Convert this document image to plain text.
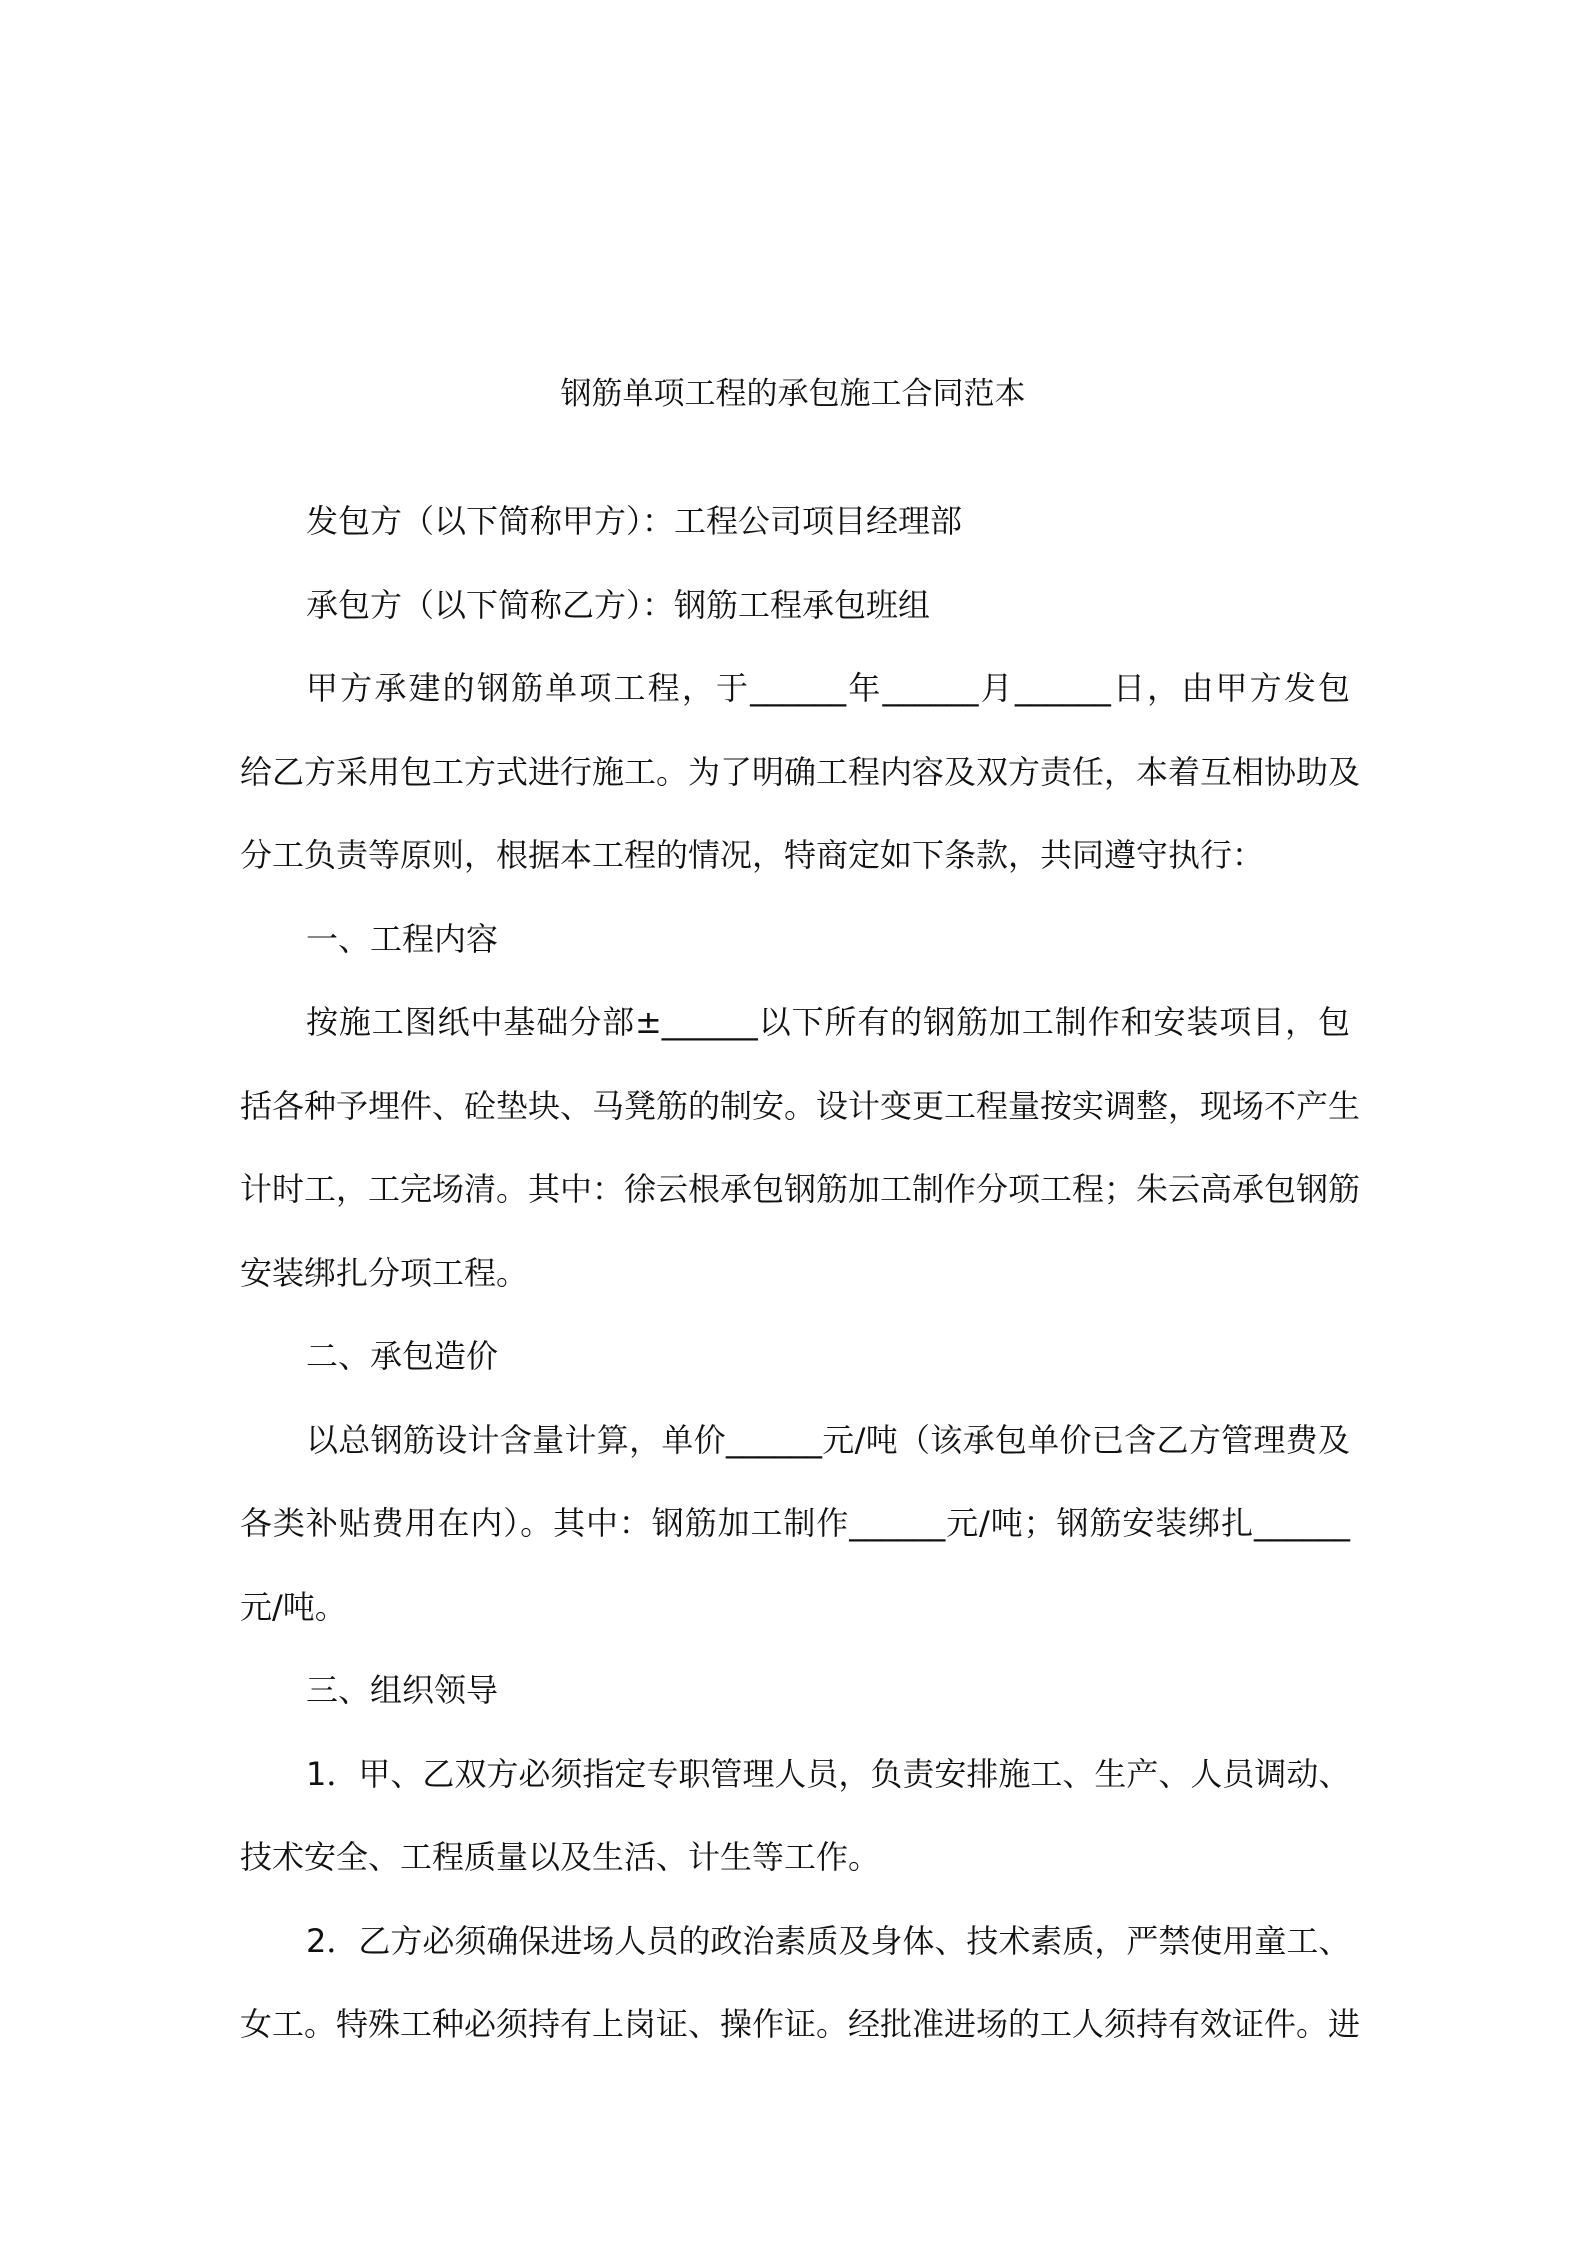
钢筋单项工程的承包施工合同范本
发包方（以下简称甲方）：工程公司项目经理部
承包方（以下简称乙方）：钢筋工程承包班组
甲方承建的钢筋单项工程，于______年______月______日，由甲方发包
给乙方采用包工方式进行施工。为了明确工程内容及双方责任，本着互相协助及
分工负责等原则，根据本工程的情况，特商定如下条款，共同遵守执行：
一、工程内容
按施工图纸中基础分部±______以下所有的钢筋加工制作和安装项目，包
括各种予埋件、砼垫块、马凳筋的制安。设计变更工程量按实调整，现场不产生
计时工，工完场清。其中：徐云根承包钢筋加工制作分项工程；朱云高承包钢筋
安装绑扎分项工程。
二、承包造价
以总钢筋设计含量计算，单价______元/吨（该承包单价已含乙方管理费及
各类补贴费用在内）。其中：钢筋加工制作______元/吨；钢筋安装绑扎______
元/吨。
三、组织领导
1．甲、乙双方必须指定专职管理人员，负责安排施工、生产、人员调动、
技术安全、工程质量以及生活、计生等工作。
2．乙方必须确保进场人员的政治素质及身体、技术素质，严禁使用童工、
女工。特殊工种必须持有上岗证、操作证。经批准进场的工人须持有效证件。进
